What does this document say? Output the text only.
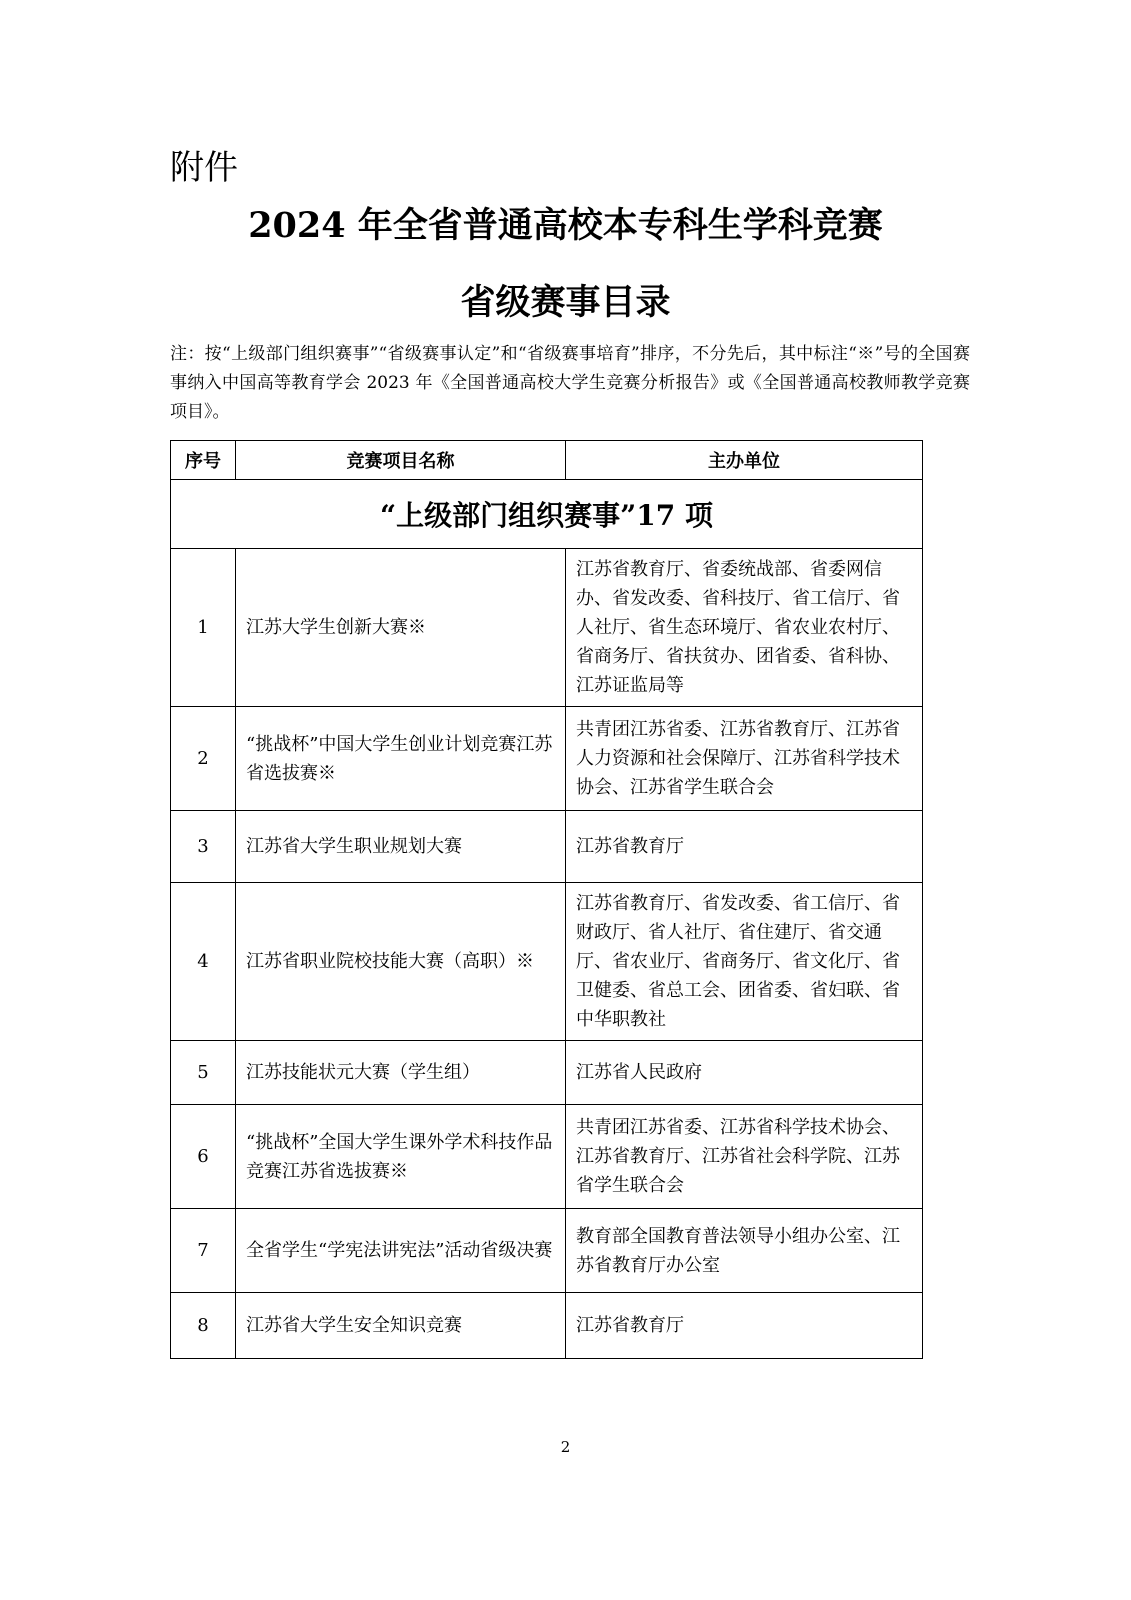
附件
2024 年全省普通高校本专科生学科竞赛
省级赛事目录
注：按“上级部门组织赛事”“省级赛事认定”和“省级赛事培育”排序，不分先后，其中标注“※”号的全国赛事纳入中国高等教育学会 2023 年《全国普通高校大学生竞赛分析报告》或《全国普通高校教师教学竞赛项目》。
序号	竞赛项目名称	主办单位
“上级部门组织赛事”17 项		
1	江苏大学生创新大赛※	江苏省教育厅、省委统战部、省委网信办、省发改委、省科技厅、省工信厅、省人社厅、省生态环境厅、省农业农村厅、省商务厅、省扶贫办、团省委、省科协、江苏证监局等
2	“挑战杯”中国大学生创业计划竞赛江苏省选拔赛※	共青团江苏省委、江苏省教育厅、江苏省人力资源和社会保障厅、江苏省科学技术协会、江苏省学生联合会
3	江苏省大学生职业规划大赛	江苏省教育厅
4	江苏省职业院校技能大赛（高职）※	江苏省教育厅、省发改委、省工信厅、省财政厅、省人社厅、省住建厅、省交通厅、省农业厅、省商务厅、省文化厅、省卫健委、省总工会、团省委、省妇联、省中华职教社
5	江苏技能状元大赛（学生组）	江苏省人民政府
6	“挑战杯”全国大学生课外学术科技作品竞赛江苏省选拔赛※	共青团江苏省委、江苏省科学技术协会、江苏省教育厅、江苏省社会科学院、江苏省学生联合会
7	全省学生“学宪法讲宪法”活动省级决赛	教育部全国教育普法领导小组办公室、江苏省教育厅办公室
8	江苏省大学生安全知识竞赛	江苏省教育厅
2
